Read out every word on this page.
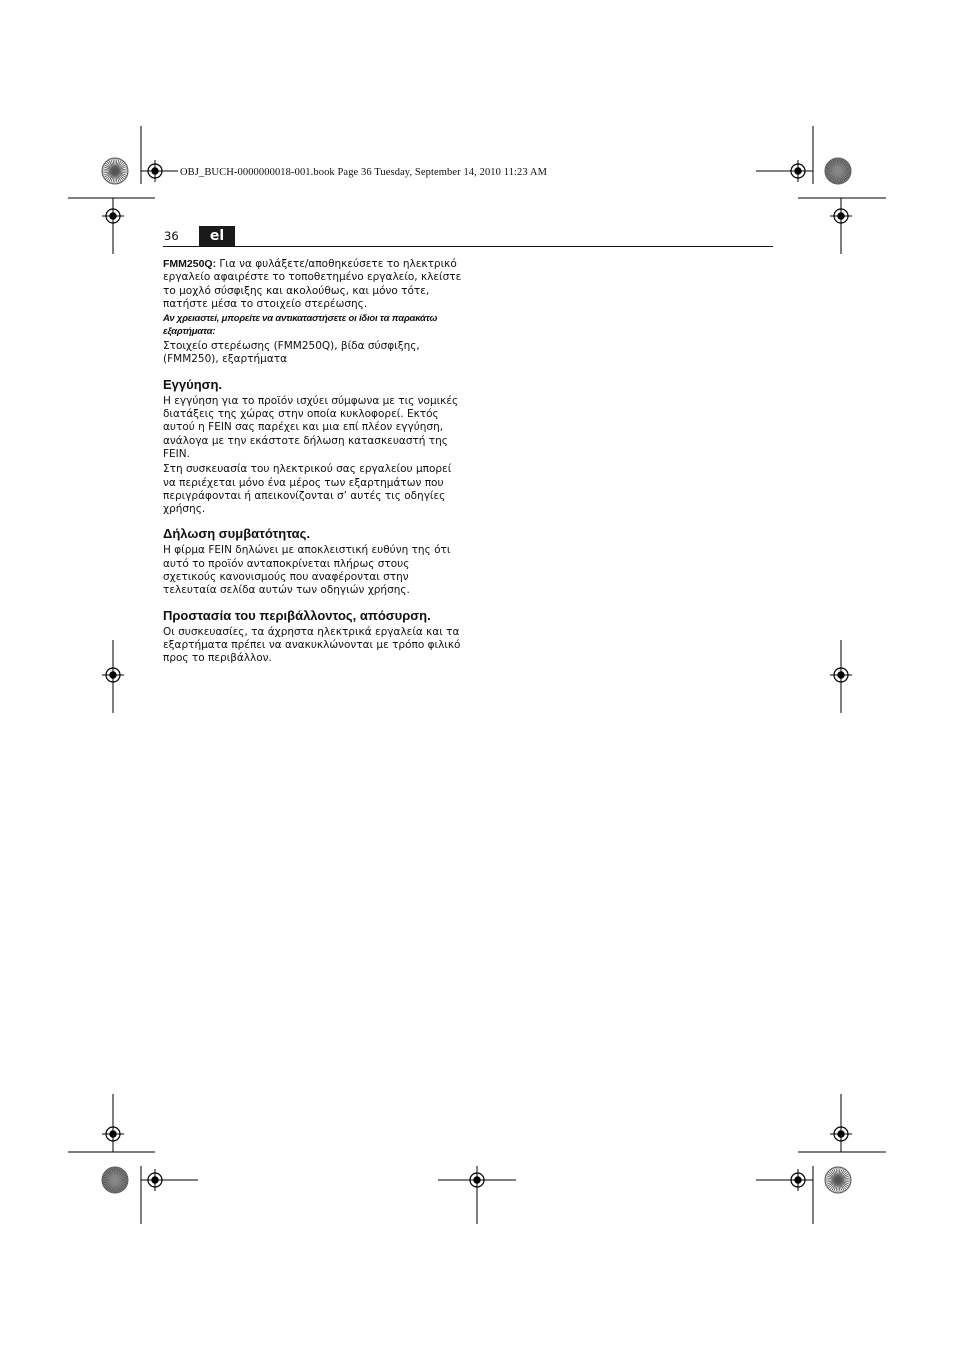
OBJ_BUCH-0000000018-001.book Page 36 Tuesday, September 14, 2010 11:23 AM
36	el

FMM250Q: Για να φυλάξετε/αποθηκεύσετε το ηλεκτρικό εργαλείο αφαιρέστε το τοποθετημένο εργαλείο, κλείστε το μοχλό σύσφιξης και ακολούθως, και μόνο τότε, πατήστε μέσα το στοιχείο στερέωσης.

Αν χρειαστεί, μπορείτε να αντικαταστήσετε οι ίδιοι τα παρακάτω εξαρτήματα:

Στοιχείο στερέωσης (FMM250Q), βίδα σύσφιξης, (FMM250), εξαρτήματα

Εγγύηση.

Η εγγύηση για το προϊόν ισχύει σύμφωνα με τις νομικές διατάξεις της χώρας στην οποία κυκλοφορεί. Εκτός αυτού η FEIN σας παρέχει και μια επί πλέον εγγύηση, ανάλογα με την εκάστοτε δήλωση κατασκευαστή της FEIN.

Στη συσκευασία του ηλεκτρικού σας εργαλείου μπορεί να περιέχεται μόνο ένα μέρος των εξαρτημάτων που περιγράφονται ή απεικονίζονται σ’ αυτές τις οδηγίες χρήσης.

Δήλωση συμβατότητας.

Η φίρμα FEIN δηλώνει με αποκλειστική ευθύνη της ότι αυτό το προϊόν ανταποκρίνεται πλήρως στους σχετικούς κανονισμούς που αναφέρονται στην τελευταία σελίδα αυτών των οδηγιών χρήσης.

Προστασία του περιβάλλοντος, απόσυρση.

Οι συσκευασίες, τα άχρηστα ηλεκτρικά εργαλεία και τα εξαρτήματα πρέπει να ανακυκλώνονται με τρόπο φιλικό προς το περιβάλλον.
